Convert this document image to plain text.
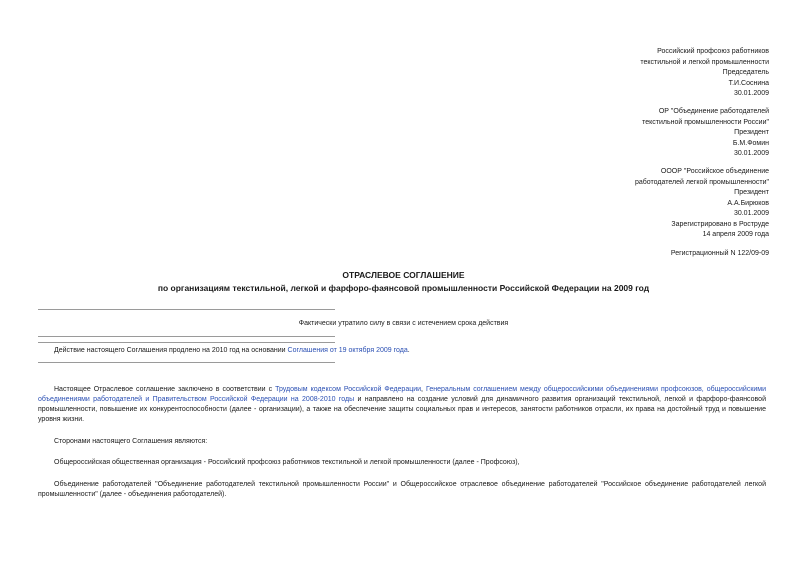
Российский профсоюз работников
текстильной и легкой промышленности
Председатель
Т.И.Соснина
30.01.2009
ОР "Объединение работодателей
текстильной промышленности России"
Президент
Б.М.Фомин
30.01.2009
ОООР "Российское объединение
работодателей легкой промышленности"
Президент
А.А.Бирюков
30.01.2009
Зарегистрировано в Роструде
14 апреля 2009 года
Регистрационный N 122/09-09
ОТРАСЛЕВОЕ СОГЛАШЕНИЕ
по организациям текстильной, легкой и фарфоро-фаянсовой промышленности Российской Федерации на 2009 год
Фактически утратило силу в связи с истечением срока действия
Действие настоящего Соглашения продлено на 2010 год на основании Соглашения от 19 октября 2009 года.
Настоящее Отраслевое соглашение заключено в соответствии с Трудовым кодексом Российской Федерации, Генеральным соглашением между общероссийскими объединениями профсоюзов, общероссийскими объединениями работодателей и Правительством Российской Федерации на 2008-2010 годы и направлено на создание условий для динамичного развития организаций текстильной, легкой и фарфоро-фаянсовой промышленности, повышение их конкурентоспособности (далее - организации), а также на обеспечение защиты социальных прав и интересов, занятости работников отрасли, их права на достойный труд и повышение уровня жизни.
Сторонами настоящего Соглашения являются:
Общероссийская общественная организация - Российский профсоюз работников текстильной и легкой промышленности (далее - Профсоюз),
Объединение работодателей "Объединение работодателей текстильной промышленности России" и Общероссийское отраслевое объединение работодателей "Российское объединение работодателей легкой промышленности" (далее - объединения работодателей).
